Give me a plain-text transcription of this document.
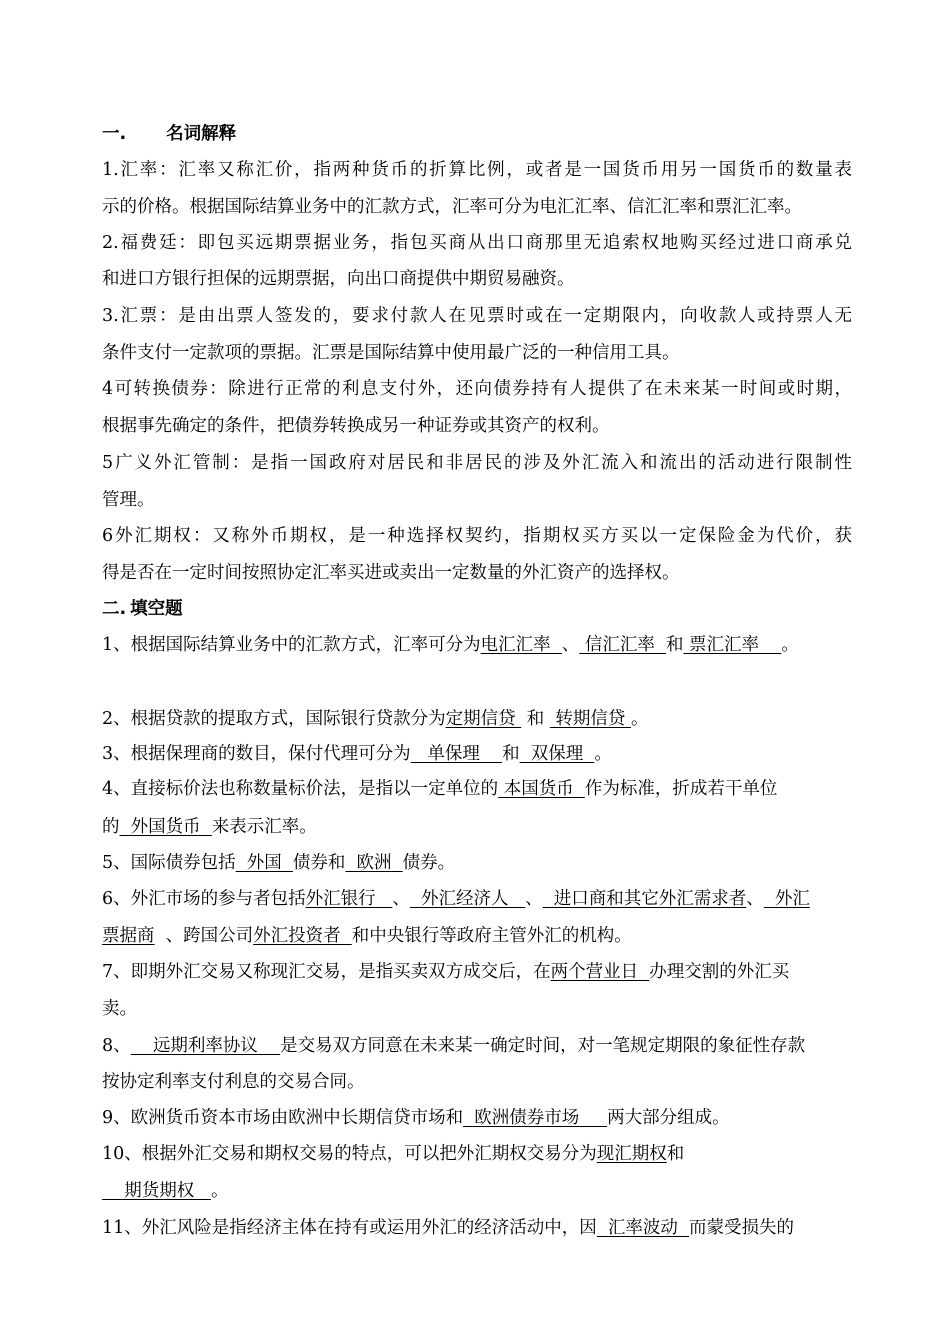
一. 名词解释
1.汇率：汇率又称汇价，指两种货币的折算比例，或者是一国货币用另一国货币的数量表
示的价格。根据国际结算业务中的汇款方式，汇率可分为电汇汇率、信汇汇率和票汇汇率。
2.福费廷：即包买远期票据业务，指包买商从出口商那里无追索权地购买经过进口商承兑
和进口方银行担保的远期票据，向出口商提供中期贸易融资。
3.汇票：是由出票人签发的，要求付款人在见票时或在一定期限内，向收款人或持票人无
条件支付一定款项的票据。汇票是国际结算中使用最广泛的一种信用工具。
4可转换债券：除进行正常的利息支付外，还向债券持有人提供了在未来某一时间或时期，
根据事先确定的条件，把债券转换成另一种证券或其资产的权利。
5广义外汇管制：是指一国政府对居民和非居民的涉及外汇流入和流出的活动进行限制性
管理。
6外汇期权：又称外币期权，是一种选择权契约，指期权买方买以一定保险金为代价，获
得是否在一定时间按照协定汇率买进或卖出一定数量的外汇资产的选择权。
二. 填空题
1、根据国际结算业务中的汇款方式，汇率可分为电汇汇率  、 信汇汇率  和 票汇汇率    。
2、根据贷款的提取方式，国际银行贷款分为定期信贷  和  转期信贷 。
3、根据保理商的数目，保付代理可分为   单保理    和  双保理  。
4、直接标价法也称数量标价法，是指以一定单位的 本国货币  作为标准，折成若干单位
的  外国货币  来表示汇率。
5、国际债券包括  外国  债券和  欧洲  债券。
6、外汇市场的参与者包括外汇银行   、  外汇经济人   、  进口商和其它外汇需求者、  外汇
票据商  、跨国公司外汇投资者  和中央银行等政府主管外汇的机构。
7、即期外汇交易又称现汇交易，是指买卖双方成交后，在两个营业日  办理交割的外汇买
卖。
8、    远期利率协议    是交易双方同意在未来某一确定时间，对一笔规定期限的象征性存款
按协定利率支付利息的交易合同。
9、欧洲货币资本市场由欧洲中长期信贷市场和  欧洲债券市场     两大部分组成。
10、根据外汇交易和期权交易的特点，可以把外汇期权交易分为现汇期权和
期货期权   。
11、外汇风险是指经济主体在持有或运用外汇的经济活动中，因  汇率波动  而蒙受损失的
